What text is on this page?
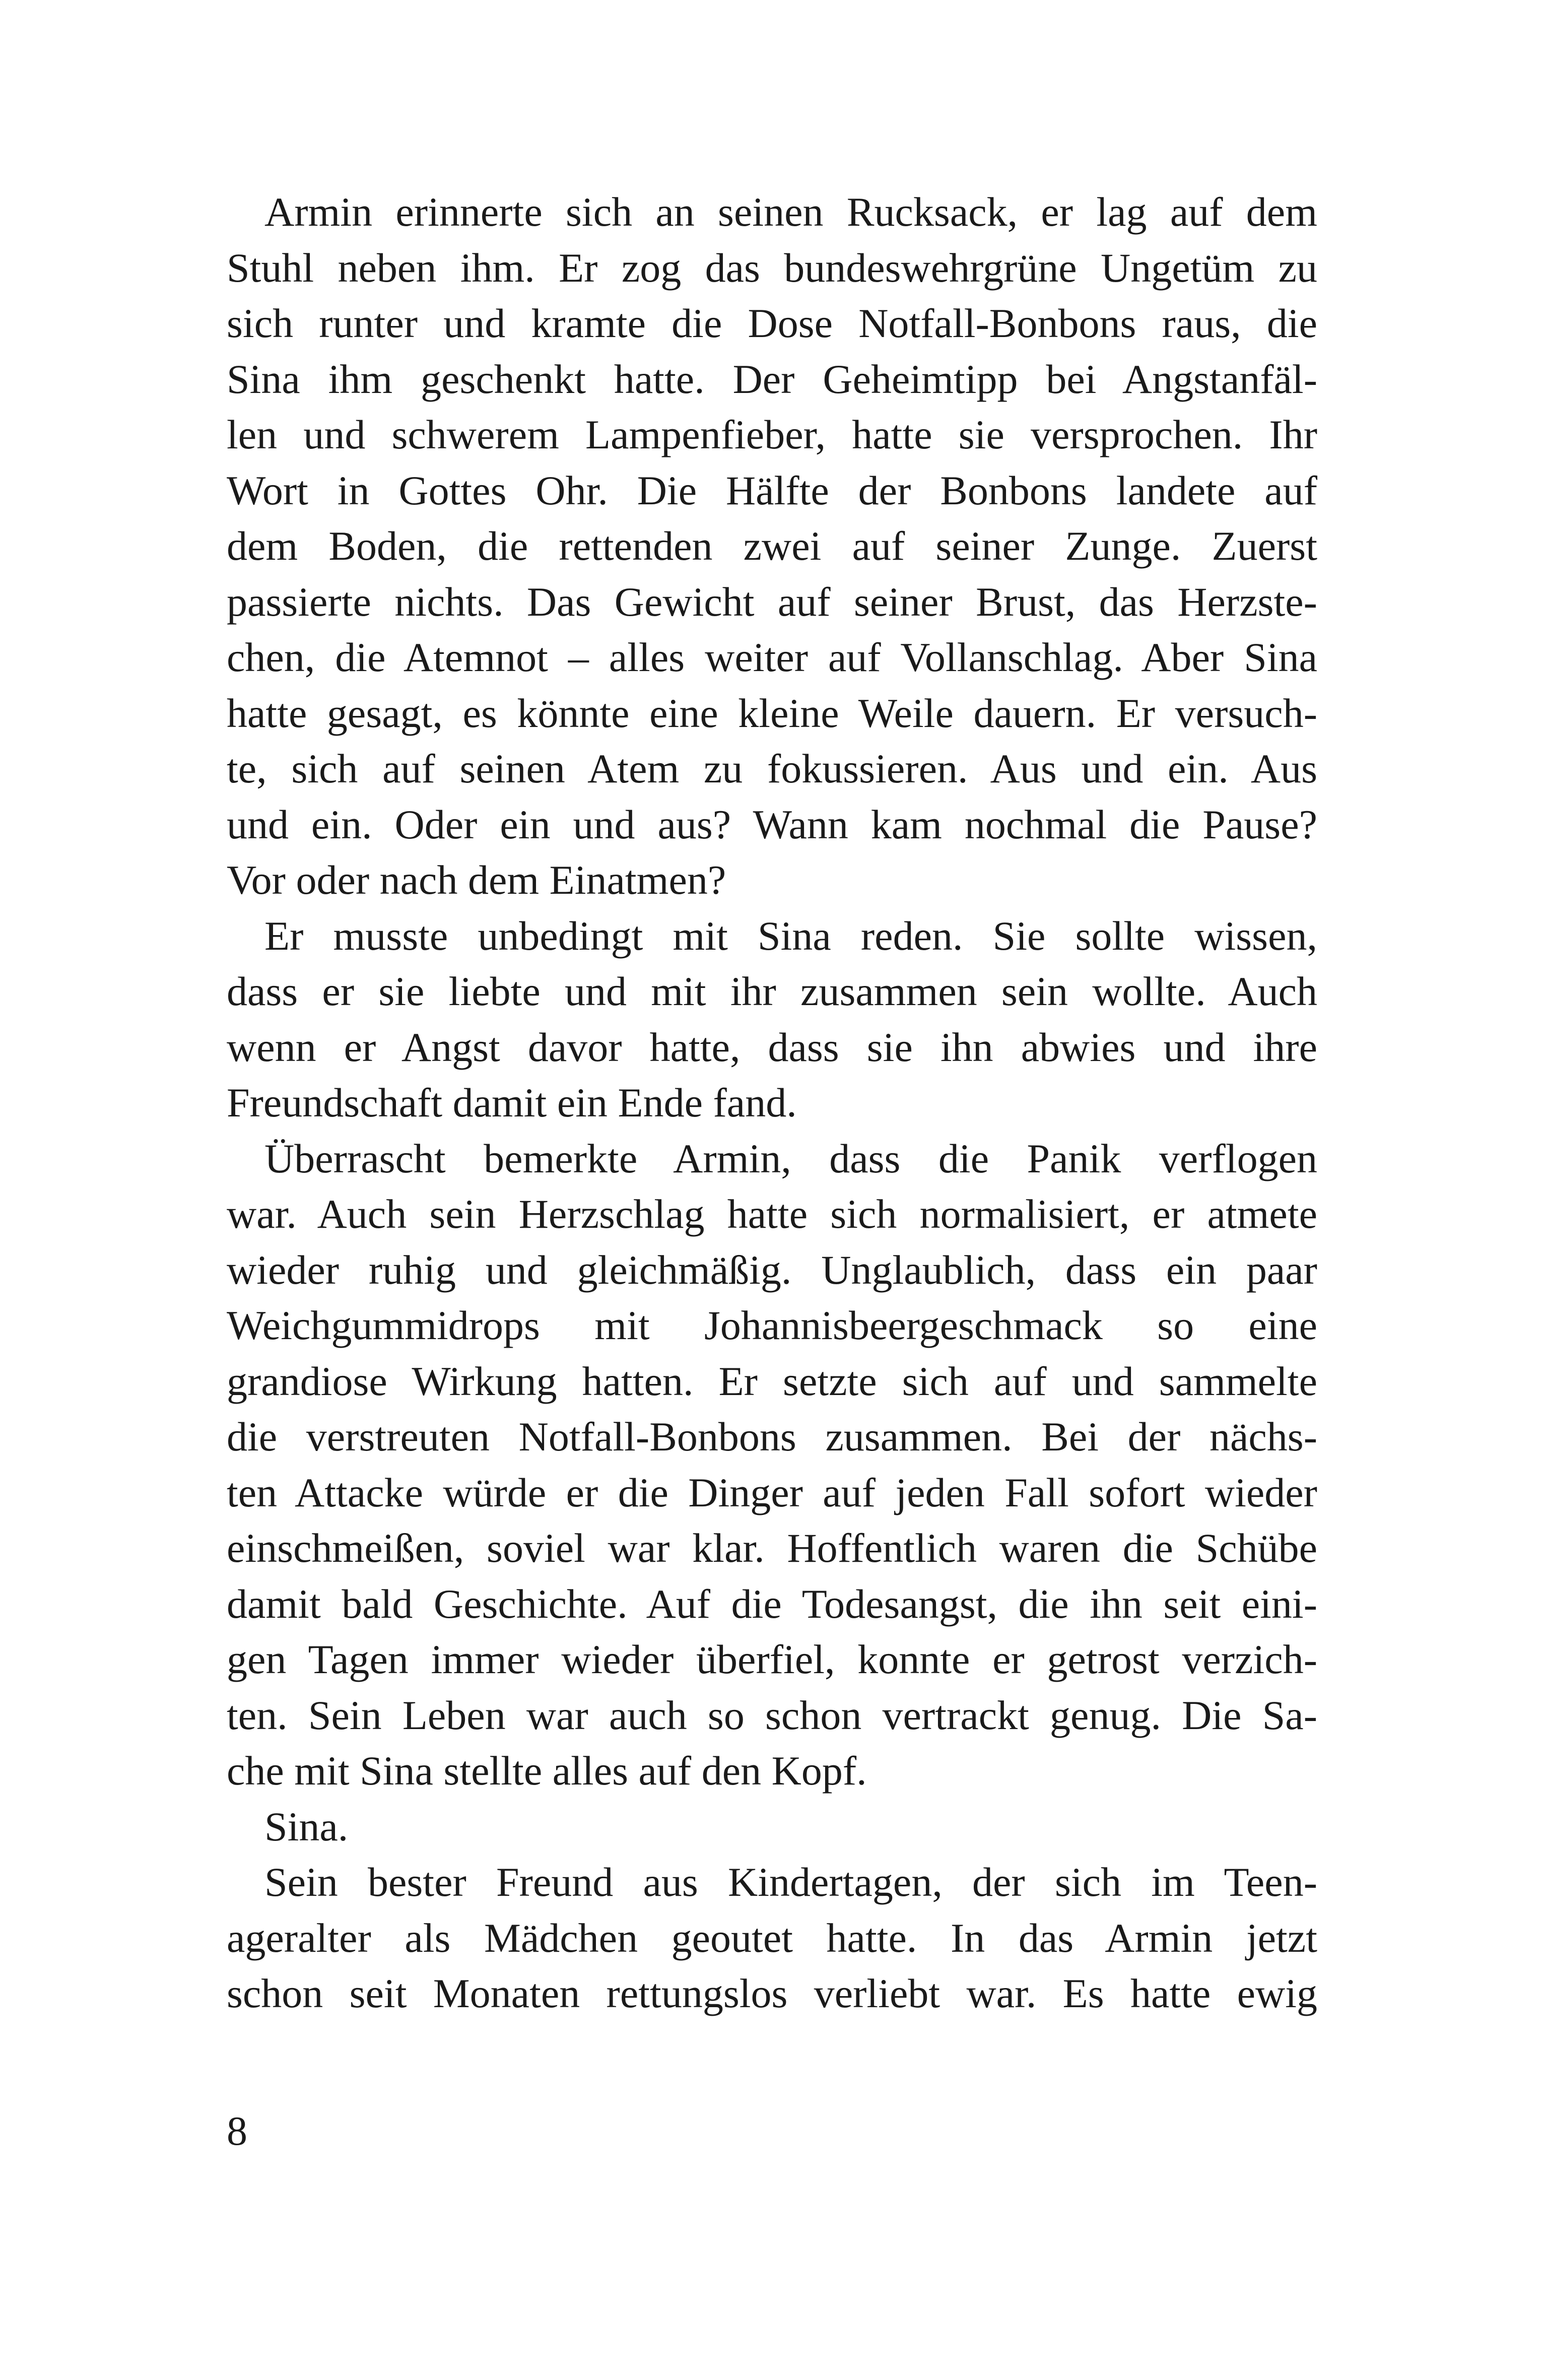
Armin erinnerte sich an seinen Rucksack, er lag auf dem
Stuhl neben ihm. Er zog das bundeswehrgrüne Ungetüm zu
sich runter und kramte die Dose Notfall-Bonbons raus, die
Sina ihm geschenkt hatte. Der Geheimtipp bei Angstanfäl-
len und schwerem Lampenfieber, hatte sie versprochen. Ihr
Wort in Gottes Ohr. Die Hälfte der Bonbons landete auf
dem Boden, die rettenden zwei auf seiner Zunge. Zuerst
passierte nichts. Das Gewicht auf seiner Brust, das Herzste-
chen, die Atemnot – alles weiter auf Vollanschlag. Aber Sina
hatte gesagt, es könnte eine kleine Weile dauern. Er versuch-
te, sich auf seinen Atem zu fokussieren. Aus und ein. Aus
und ein. Oder ein und aus? Wann kam nochmal die Pause?
Vor oder nach dem Einatmen?
Er musste unbedingt mit Sina reden. Sie sollte wissen,
dass er sie liebte und mit ihr zusammen sein wollte. Auch
wenn er Angst davor hatte, dass sie ihn abwies und ihre
Freundschaft damit ein Ende fand.
Überrascht bemerkte Armin, dass die Panik verflogen
war. Auch sein Herzschlag hatte sich normalisiert, er atmete
wieder ruhig und gleichmäßig. Unglaublich, dass ein paar
Weichgummidrops mit Johannisbeergeschmack so eine
grandiose Wirkung hatten. Er setzte sich auf und sammelte
die verstreuten Notfall-Bonbons zusammen. Bei der nächs-
ten Attacke würde er die Dinger auf jeden Fall sofort wieder
einschmeißen, soviel war klar. Hoffentlich waren die Schübe
damit bald Geschichte. Auf die Todesangst, die ihn seit eini-
gen Tagen immer wieder überfiel, konnte er getrost verzich-
ten. Sein Leben war auch so schon vertrackt genug. Die Sa-
che mit Sina stellte alles auf den Kopf.
Sina.
Sein bester Freund aus Kindertagen, der sich im Teen-
ageralter als Mädchen geoutet hatte. In das Armin jetzt
schon seit Monaten rettungslos verliebt war. Es hatte ewig
8
